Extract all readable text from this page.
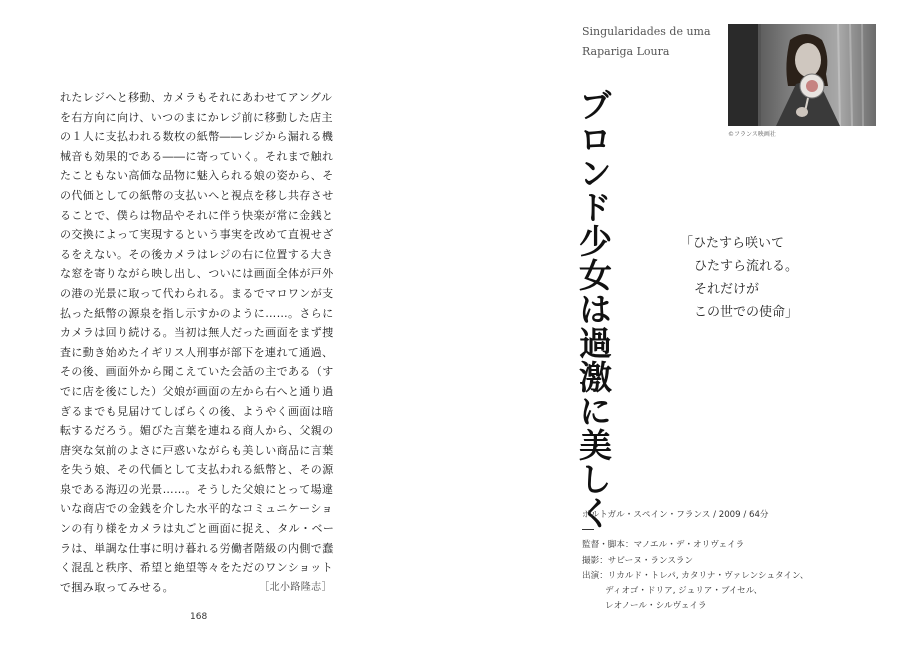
れたレジへと移動、カメラもそれにあわせてアングル
を右方向に向け、いつのまにかレジ前に移動した店主
の１人に支払われる数枚の紙幣――レジから漏れる機
械音も効果的である――に寄っていく。それまで触れ
たこともない高価な品物に魅入られる娘の姿から、そ
の代価としての紙幣の支払いへと視点を移し共存させ
ることで、僕らは物品やそれに伴う快楽が常に金銭と
の交換によって実現するという事実を改めて直視せざ
るをえない。その後カメラはレジの右に位置する大き
な窓を寄りながら映し出し、ついには画面全体が戸外
の港の光景に取って代わられる。まるでマロワンが支
払った紙幣の源泉を指し示すかのように……。さらに
カメラは回り続ける。当初は無人だった画面をまず捜
査に動き始めたイギリス人刑事が部下を連れて通過、
その後、画面外から聞こえていた会話の主である（す
でに店を後にした）父娘が画面の左から右へと通り過
ぎるまでも見届けてしばらくの後、ようやく画面は暗
転するだろう。媚びた言葉を連ねる商人から、父親の
唐突な気前のよさに戸惑いながらも美しい商品に言葉
を失う娘、その代価として支払われる紙幣と、その源
泉である海辺の光景……。そうした父娘にとって場違
いな商店での金銭を介した水平的なコミュニケーショ
ンの有り様をカメラは丸ごと画面に捉え、タル・ベー
ラは、単調な仕事に明け暮れる労働者階級の内側で蠢
く混乱と秩序、希望と絶望等々をただのワンショット
で掴み取ってみせる。	［北小路隆志］
168
Singularidades de uma
Rapariga Loura
©フランス映画社
ブロンド少女は過激に美しく	「ひたすら咲いて
ひたすら流れる。
それだけが
この世での使命」
ポルトガル・スペイン・フランス / 2009 / 64分
監督・脚本：マノエル・デ・オリヴェイラ
撮影：サビーヌ・ランスラン
出演：リカルド・トレパ, カタリナ・ヴァレンシュタイン、
ディオゴ・ドリア, ジュリア・ブイセル、
レオノール・シルヴェイラ
